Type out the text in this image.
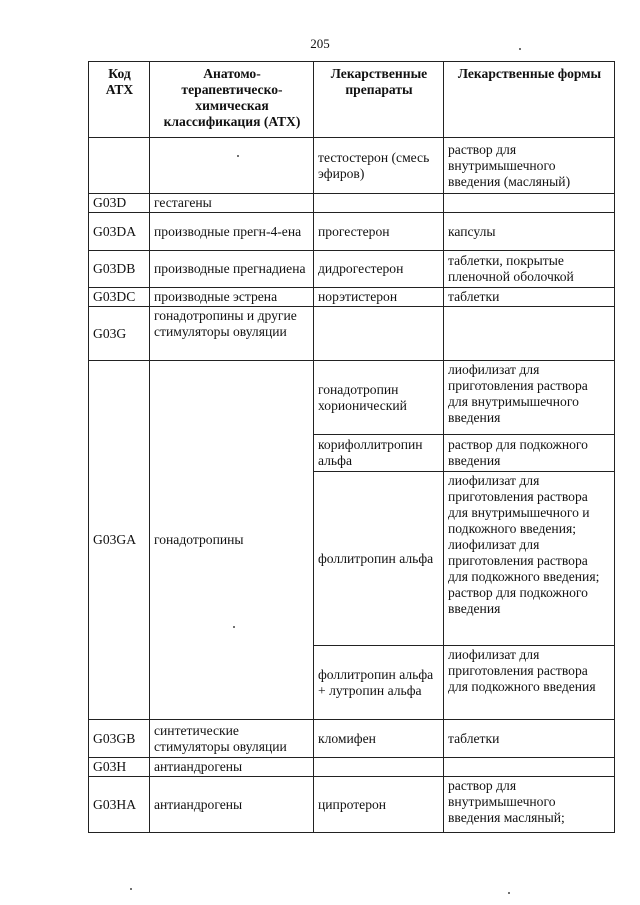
205
Код АТХ	Анатомо-терапевтическо-химическая классификация (АТХ)	Лекарственные препараты	Лекарственные формы
		тестостерон (смесь эфиров)	раствор для внутримышечного введения (масляный)
G03D	гестагены		
G03DA	производные прегн-4-ена	прогестерон	капсулы
G03DB	производные прегнадиена	дидрогестерон	таблетки, покрытые пленочной оболочкой
G03DC	производные эстрена	норэтистерон	таблетки
G03G	гонадотропины и другие стимуляторы овуляции		
G03GA	гонадотропины	гонадотропин хорионический	лиофилизат для приготовления раствора для внутримышечного введения
		корифоллитропин альфа	раствор для подкожного введения
		фоллитропин альфа	лиофилизат для приготовления раствора для внутримышечного и подкожного введения; лиофилизат для приготовления раствора для подкожного введения; раствор для подкожного введения
		фоллитропин альфа + лутропин альфа	лиофилизат для приготовления раствора для подкожного введения
G03GB	синтетические стимуляторы овуляции	кломифен	таблетки
G03H	антиандрогены		
G03HA	антиандрогены	ципротерон	раствор для внутримышечного введения масляный;
